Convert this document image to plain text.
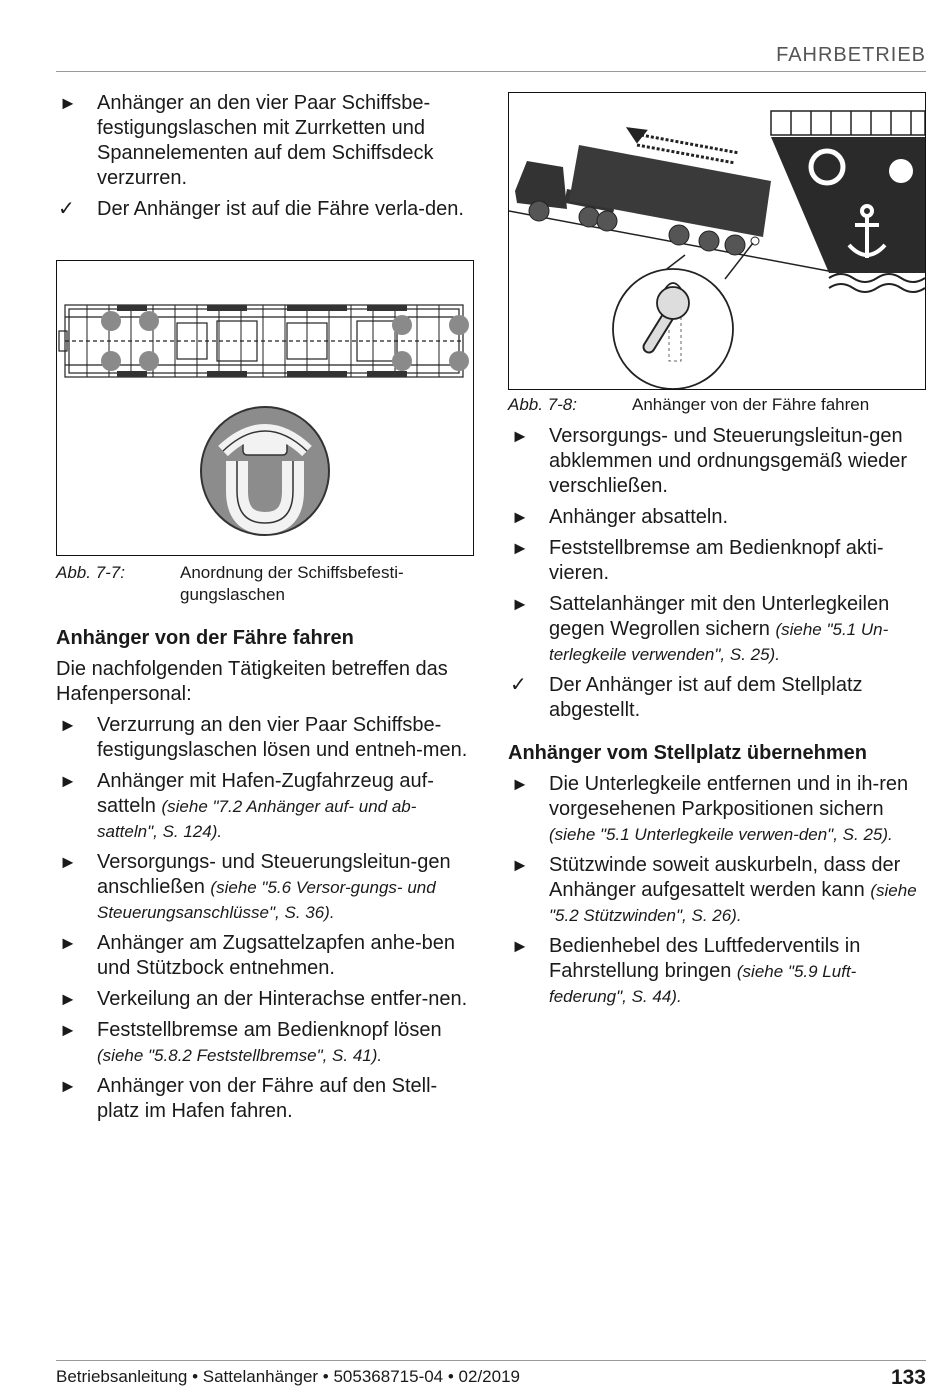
FAHRBETRIEB
► Anhänger an den vier Paar Schiffsbe-festigungslaschen mit Zurrketten und Spannelementen auf dem Schiffsdeck verzurren.
✓ Der Anhänger ist auf die Fähre verla-den.
Abb. 7-7:	Anordnung der Schiffsbefesti-gungslaschen
Anhänger von der Fähre fahren
Die nachfolgenden Tätigkeiten betreffen das Hafenpersonal:
► Verzurrung an den vier Paar Schiffsbe-festigungslaschen lösen und entneh-men.
► Anhänger mit Hafen-Zugfahrzeug auf-satteln (siehe "7.2 Anhänger auf- und ab-satteln", S. 124).
► Versorgungs- und Steuerungsleitun-gen anschließen (siehe "5.6 Versor-gungs- und Steuerungsanschlüsse", S. 36).
► Anhänger am Zugsattelzapfen anhe-ben und Stützbock entnehmen.
► Verkeilung an der Hinterachse entfer-nen.
► Feststellbremse am Bedienknopf lösen (siehe "5.8.2 Feststellbremse", S. 41).
► Anhänger von der Fähre auf den Stell-platz im Hafen fahren.
Abb. 7-8:	Anhänger von der Fähre fahren
► Versorgungs- und Steuerungsleitun-gen abklemmen und ordnungsgemäß wieder verschließen.
► Anhänger absatteln.
► Feststellbremse am Bedienknopf akti-vieren.
► Sattelanhänger mit den Unterlegkeilen gegen Wegrollen sichern (siehe "5.1 Un-terlegkeile verwenden", S. 25).
✓ Der Anhänger ist auf dem Stellplatz abgestellt.
Anhänger vom Stellplatz übernehmen
► Die Unterlegkeile entfernen und in ih-ren vorgesehenen Parkpositionen sichern (siehe "5.1 Unterlegkeile verwen-den", S. 25).
► Stützwinde soweit auskurbeln, dass der Anhänger aufgesattelt werden kann (siehe "5.2 Stützwinden", S. 26).
► Bedienhebel des Luftfederventils in Fahrstellung bringen (siehe "5.9 Luft-federung", S. 44).
Betriebsanleitung • Sattelanhänger • 505368715-04 • 02/2019	133
